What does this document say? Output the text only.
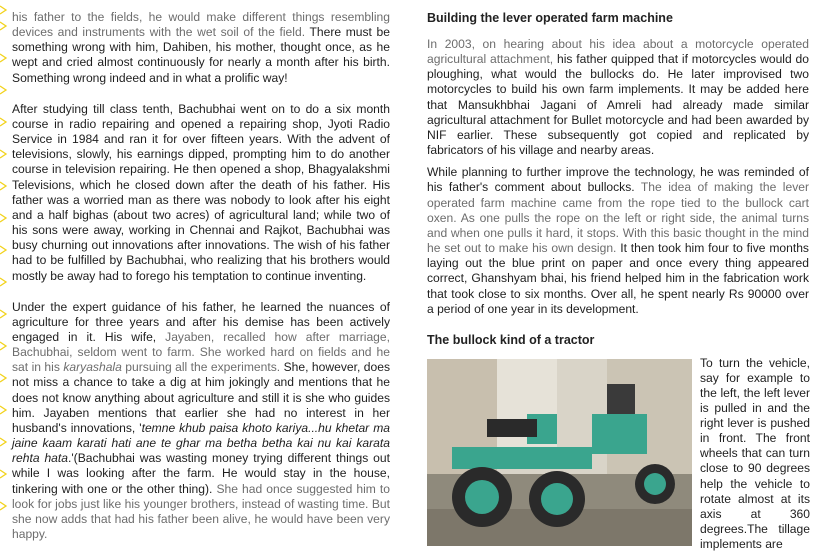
his father to the fields, he would make different things resembling devices and instruments with the wet soil of the field. There must be something wrong with him, Dahiben, his mother, thought once, as he wept and cried almost continuously for nearly a month after his birth. Something wrong indeed and in what a prolific way!

After studying till class tenth, Bachubhai went on to do a six month course in radio repairing and opened a repairing shop, Jyoti Radio Service in 1984 and ran it for over fifteen years. With the advent of televisions, slowly, his earnings dipped, prompting him to do another course in television repairing. He then opened a shop, Bhagyalakshmi Televisions, which he closed down after the death of his father. His father was a worried man as there was nobody to look after his eight and a half bighas (about two acres) of agricultural land; while two of his sons were away, working in Chennai and Rajkot, Bachubhai was busy churning out innovations after innovations. The wish of his father had to be fulfilled by Bachubhai, who realizing that his brothers would mostly be away had to forego his temptation to continue inventing.

Under the expert guidance of his father, he learned the nuances of agriculture for three years and after his demise has been actively engaged in it. His wife, Jayaben, recalled how after marriage, Bachubhai, seldom went to farm. She worked hard on fields and he sat in his karyashala pursuing all the experiments. She, however, does not miss a chance to take a dig at him jokingly and mentions that he does not know anything about agriculture and still it is she who guides him. Jayaben mentions that earlier she had no interest in her husband's innovations, 'temne khub paisa khoto kariya...hu khetar ma jaine kaam karati hati ane te ghar ma betha betha kai nu kai karata rehta hata.'(Bachubhai was wasting money trying different things out while I was looking after the farm. He would stay in the house, tinkering with one or the other thing). She had once suggested him to look for jobs just like his younger brothers, instead of wasting time. But she now adds that had his father been alive, he would have been very happy.

Building the lever operated farm machine

In 2003, on hearing about his idea about a motorcycle operated agricultural attachment, his father quipped that if motorcycles would do ploughing, what would the bullocks do. He later improvised two motorcycles to build his own farm implements. It may be added here that Mansukhbhai Jagani of Amreli had already made similar agricultural attachment for Bullet motorcycle and had been awarded by NIF earlier. These subsequently got copied and replicated by fabricators of his village and nearby areas.

While planning to further improve the technology, he was reminded of his father's comment about bullocks. The idea of making the lever operated farm machine came from the rope tied to the bullock cart oxen. As one pulls the rope on the left or right side, the animal turns and when one pulls it hard, it stops. With this basic thought in the mind he set out to make his own design. It then took him four to five months laying out the blue print on paper and once every thing appeared correct, Ghanshyam bhai, his friend helped him in the fabrication work that took close to six months. Over all, he spent nearly Rs 90000 over a period of one year in its development.

The bullock kind of a tractor
To turn the vehicle, say for example to the left, the left lever is pulled in and the right lever is pushed in front. The front wheels that can turn close to 90 degrees help the vehicle to rotate almost at its axis at 360 degrees.The tillage implements are
